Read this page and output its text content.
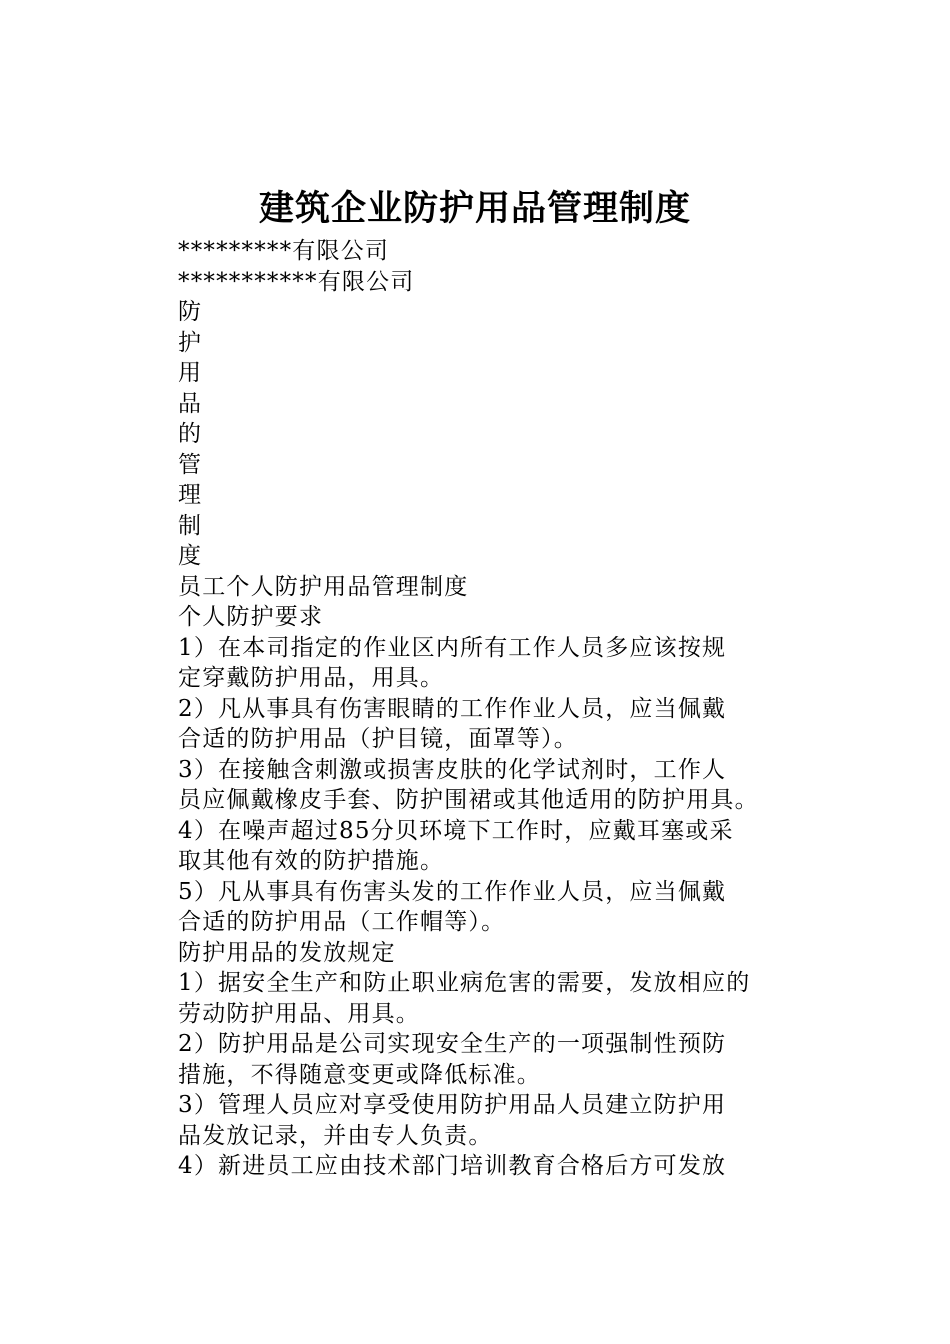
建筑企业防护用品管理制度
*********有限公司
***********有限公司
防
护
用
品
的
管
理
制
度
员工个人防护用品管理制度
个人防护要求
1）在本司指定的作业区内所有工作人员多应该按规
定穿戴防护用品，用具。
2）凡从事具有伤害眼睛的工作作业人员，应当佩戴
合适的防护用品（护目镜，面罩等）。
3）在接触含刺激或损害皮肤的化学试剂时，工作人
员应佩戴橡皮手套、防护围裙或其他适用的防护用具。
4）在噪声超过85分贝环境下工作时，应戴耳塞或采
取其他有效的防护措施。
5）凡从事具有伤害头发的工作作业人员，应当佩戴
合适的防护用品（工作帽等）。
防护用品的发放规定
1）据安全生产和防止职业病危害的需要，发放相应的
劳动防护用品、用具。
2）防护用品是公司实现安全生产的一项强制性预防
措施，不得随意变更或降低标准。
3）管理人员应对享受使用防护用品人员建立防护用
品发放记录，并由专人负责。
4）新进员工应由技术部门培训教育合格后方可发放
